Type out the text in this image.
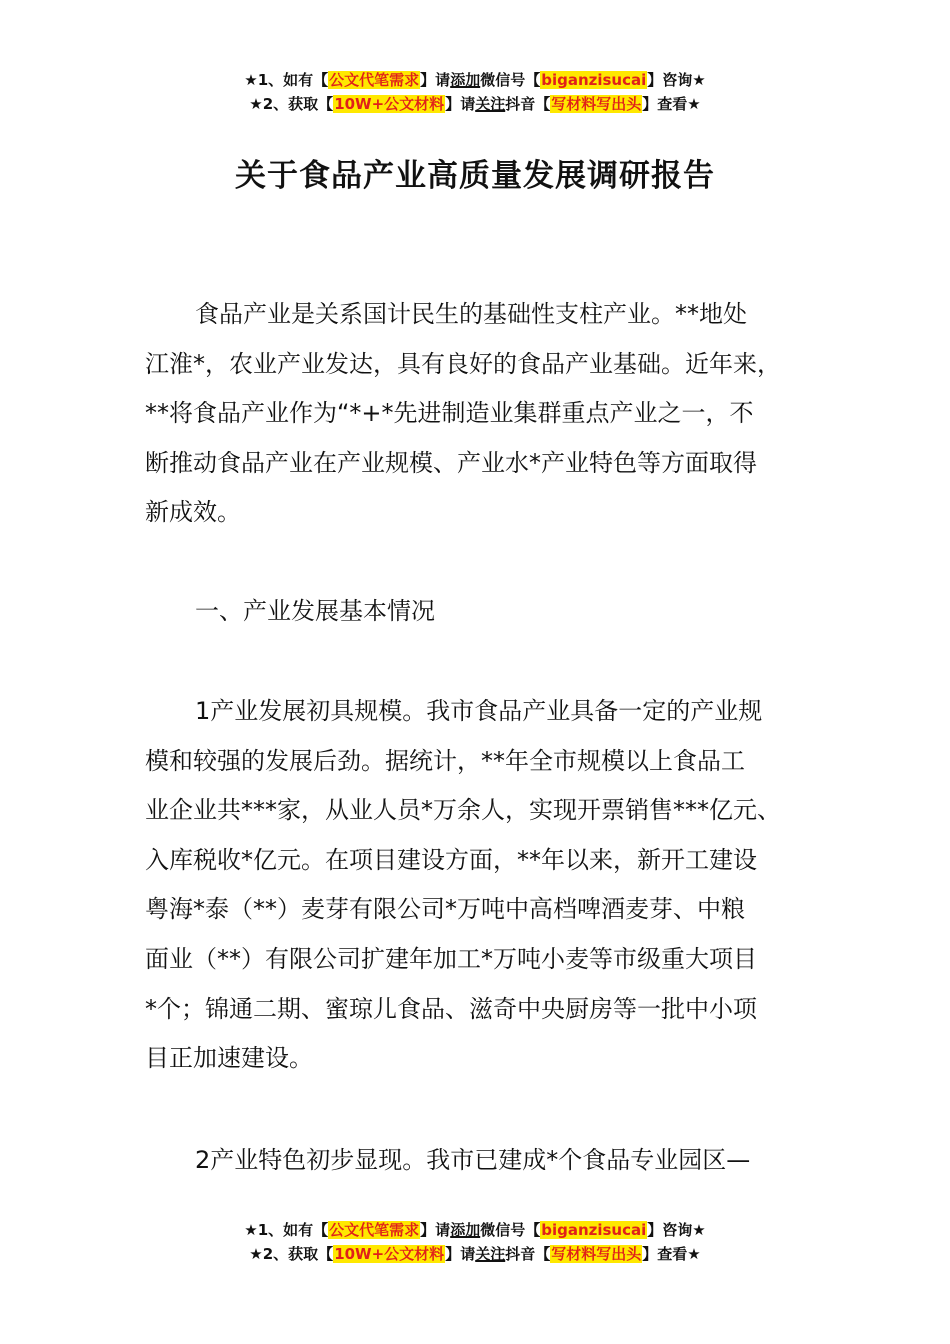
★1、如有【公文代笔需求】请添加微信号【biganzisucai】咨询★
★2、获取【10W+公文材料】请关注抖音【写材料写出头】查看★
关于食品产业高质量发展调研报告
食品产业是关系国计民生的基础性支柱产业。**地处
江淮*，农业产业发达，具有良好的食品产业基础。近年来，
**将食品产业作为“*+*先进制造业集群重点产业之一，不
断推动食品产业在产业规模、产业水*产业特色等方面取得
新成效。
一、产业发展基本情况
1产业发展初具规模。我市食品产业具备一定的产业规
模和较强的发展后劲。据统计，**年全市规模以上食品工
业企业共***家，从业人员*万余人，实现开票销售***亿元、
入库税收*亿元。在项目建设方面，**年以来，新开工建设
粤海*泰（**）麦芽有限公司*万吨中高档啤酒麦芽、中粮
面业（**）有限公司扩建年加工*万吨小麦等市级重大项目
*个；锦通二期、蜜琼儿食品、滋奇中央厨房等一批中小项
目正加速建设。
2产业特色初步显现。我市已建成*个食品专业园区—
★1、如有【公文代笔需求】请添加微信号【biganzisucai】咨询★
★2、获取【10W+公文材料】请关注抖音【写材料写出头】查看★
